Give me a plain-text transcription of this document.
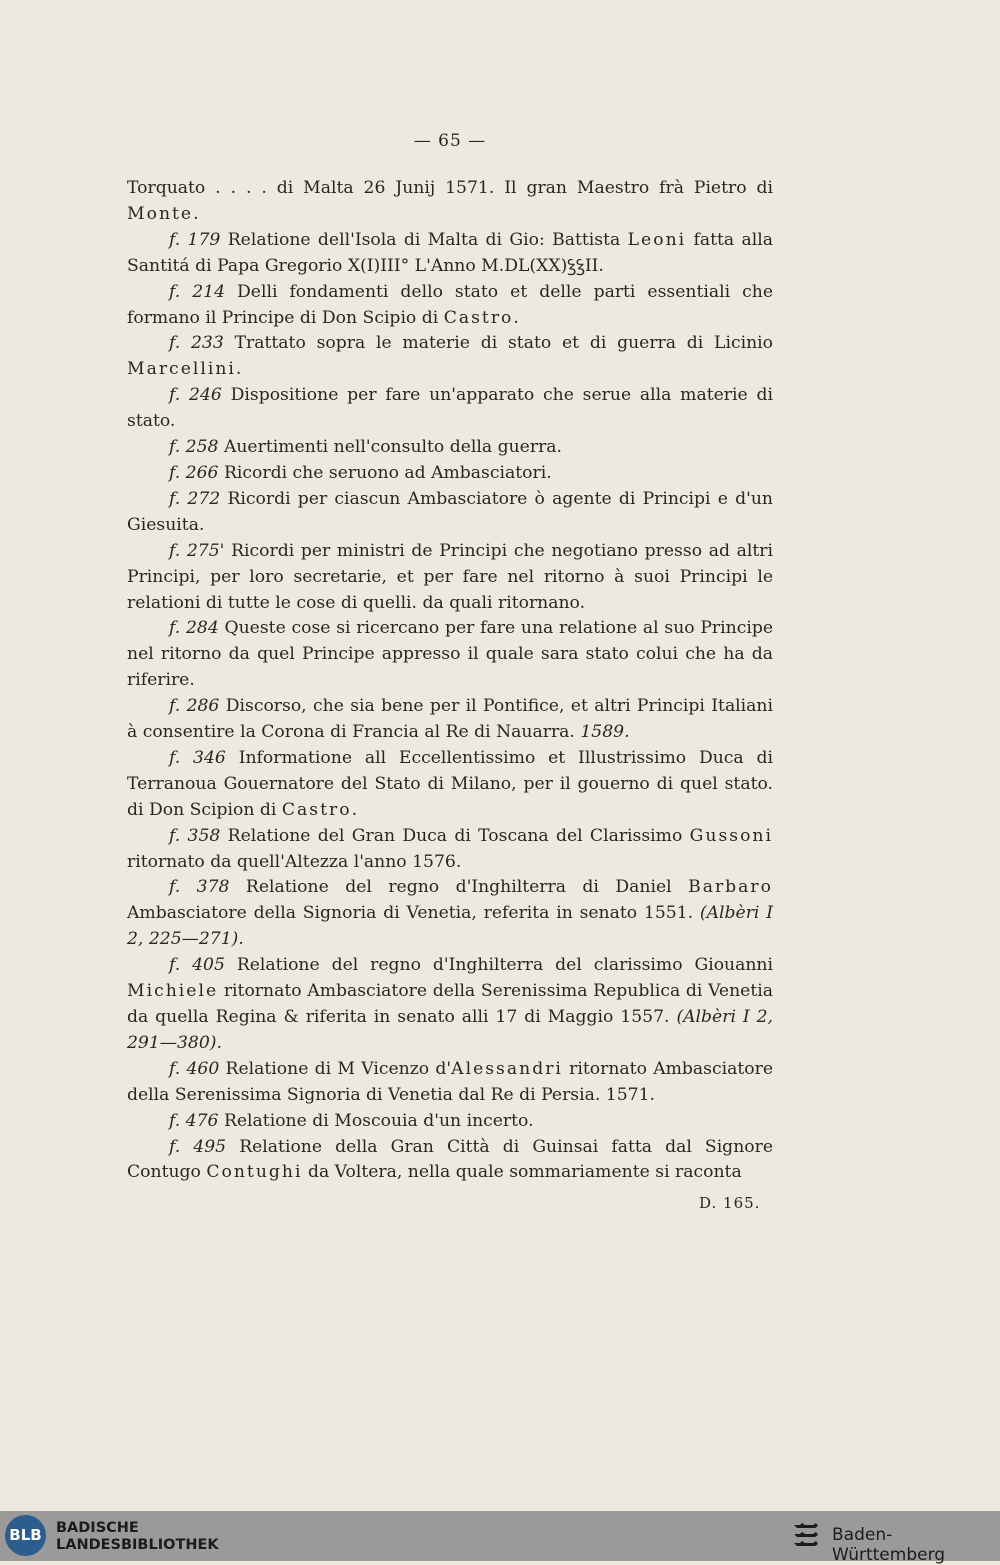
— 65 —

Torquato . . . . di Malta 26 Junij 1571. Il gran Maestro frà Pietro di Monte.

f. 179 Relatione dell'Isola di Malta di Gio: Battista Leoni fatta alla Santitá di Papa Gregorio X(I)III° L'Anno M.DL(XX)ꝣꝣII.

f. 214 Delli fondamenti dello stato et delle parti essentiali che formano il Principe di Don Scipio di Castro.

f. 233 Trattato sopra le materie di stato et di guerra di Licinio Marcellini.

f. 246 Dispositione per fare un'apparato che serue alla materie di stato.

f. 258 Auertimenti nell'consulto della guerra.

f. 266 Ricordi che seruono ad Ambasciatori.

f. 272 Ricordi per ciascun Ambasciatore ò agente di Principi e d'un Giesuita.

f. 275' Ricordi per ministri de Principi che negotiano presso ad altri Principi, per loro secretarie, et per fare nel ritorno à suoi Principi le relationi di tutte le cose di quelli. da quali ritornano.

f. 284 Queste cose si ricercano per fare una relatione al suo Principe nel ritorno da quel Principe appresso il quale sara stato colui che ha da riferire.

f. 286 Discorso, che sia bene per il Pontifice, et altri Principi Italiani à consentire la Corona di Francia al Re di Nauarra. 1589.

f. 346 Informatione all Eccellentissimo et Illustrissimo Duca di Terranoua Gouernatore del Stato di Milano, per il gouerno di quel stato. di Don Scipion di Castro.

f. 358 Relatione del Gran Duca di Toscana del Clarissimo Gussoni ritornato da quell'Altezza l'anno 1576.

f. 378 Relatione del regno d'Inghilterra di Daniel Barbaro Ambasciatore della Signoria di Venetia, referita in senato 1551. (Albèri I 2, 225—271).

f. 405 Relatione del regno d'Inghilterra del clarissimo Giouanni Michiele ritornato Ambasciatore della Serenissima Republica di Venetia da quella Regina & riferita in senato alli 17 di Maggio 1557. (Albèri I 2, 291—380).

f. 460 Relatione di M Vicenzo d'Alessandri ritornato Ambasciatore della Serenissima Signoria di Venetia dal Re di Persia. 1571.

f. 476 Relatione di Moscouia d'un incerto.

f. 495 Relatione della Gran Città di Guinsai fatta dal Signore Contugo Contughi da Voltera, nella quale sommariamente si raconta

D. 165.
BLB BADISCHE
LANDESBIBLIOTHEK	Baden-Württemberg
